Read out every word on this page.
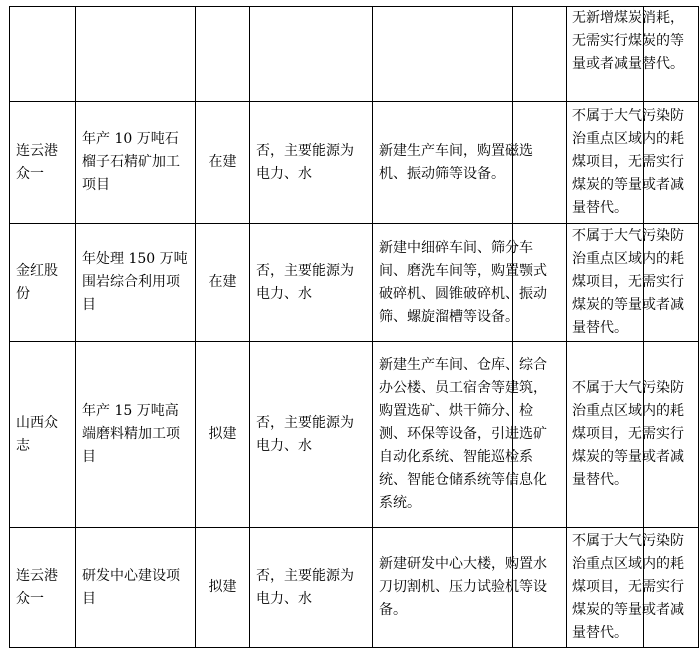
					无新增煤炭消耗，无需实行煤炭的等量或者减量替代。
连云港众一	年产 10 万吨石榴子石精矿加工项目	在建	否，主要能源为电力、水	新建生产车间，购置磁选机、振动筛等设备。	不属于大气污染防治重点区域内的耗煤项目，无需实行煤炭的等量或者减量替代。
金红股份	年处理 150 万吨围岩综合利用项目	在建	否，主要能源为电力、水	新建中细碎车间、筛分车间、磨洗车间等，购置颚式破碎机、圆锥破碎机、振动筛、螺旋溜槽等设备。	不属于大气污染防治重点区域内的耗煤项目，无需实行煤炭的等量或者减量替代。
山西众志	年产 15 万吨高端磨料精加工项目	拟建	否，主要能源为电力、水	新建生产车间、仓库、综合办公楼、员工宿舍等建筑，购置选矿、烘干筛分、检测、环保等设备，引进选矿自动化系统、智能巡检系统、智能仓储系统等信息化系统。	不属于大气污染防治重点区域内的耗煤项目，无需实行煤炭的等量或者减量替代。
连云港众一	研发中心建设项目	拟建	否，主要能源为电力、水	新建研发中心大楼，购置水刀切割机、压力试验机等设备。	不属于大气污染防治重点区域内的耗煤项目，无需实行煤炭的等量或者减量替代。
